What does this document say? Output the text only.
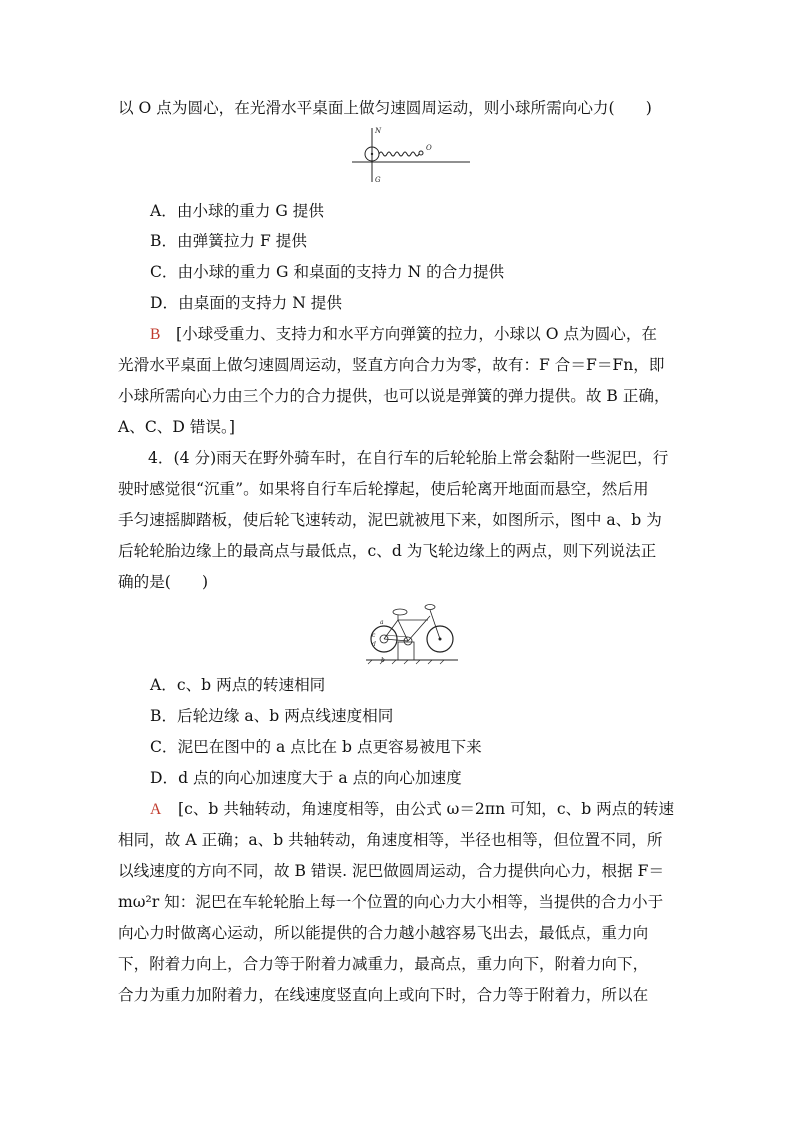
以 O 点为圆心，在光滑水平桌面上做匀速圆周运动，则小球所需向心力(　　)
N
G
O
A．由小球的重力 G 提供
B．由弹簧拉力 F 提供
C．由小球的重力 G 和桌面的支持力 N 的合力提供
D．由桌面的支持力 N 提供
B [小球受重力、支持力和水平方向弹簧的拉力，小球以 O 点为圆心，在
光滑水平桌面上做匀速圆周运动，竖直方向合力为零，故有：F 合＝F＝Fn，即
小球所需向心力由三个力的合力提供，也可以说是弹簧的弹力提供。故 B 正确，
A、C、D 错误。]
4．(4 分)雨天在野外骑车时，在自行车的后轮轮胎上常会黏附一些泥巴，行
驶时感觉很“沉重”。如果将自行车后轮撑起，使后轮离开地面而悬空，然后用
手匀速摇脚踏板，使后轮飞速转动，泥巴就被甩下来，如图所示，图中 a、b 为
后轮轮胎边缘上的最高点与最低点，c、d 为飞轮边缘上的两点，则下列说法正
确的是(　　)
a
b
c
d
A．c、b 两点的转速相同
B．后轮边缘 a、b 两点线速度相同
C．泥巴在图中的 a 点比在 b 点更容易被甩下来
D．d 点的向心加速度大于 a 点的向心加速度
A	[c、b 共轴转动，角速度相等，由公式 ω＝2πn 可知，c、b 两点的转速
相同，故 A 正确；a、b 共轴转动，角速度相等，半径也相等，但位置不同，所
以线速度的方向不同，故 B 错误. 泥巴做圆周运动，合力提供向心力，根据 F＝
mω²r 知：泥巴在车轮轮胎上每一个位置的向心力大小相等，当提供的合力小于
向心力时做离心运动，所以能提供的合力越小越容易飞出去，最低点，重力向
下，附着力向上，合力等于附着力减重力，最高点，重力向下，附着力向下，
合力为重力加附着力，在线速度竖直向上或向下时，合力等于附着力，所以在
